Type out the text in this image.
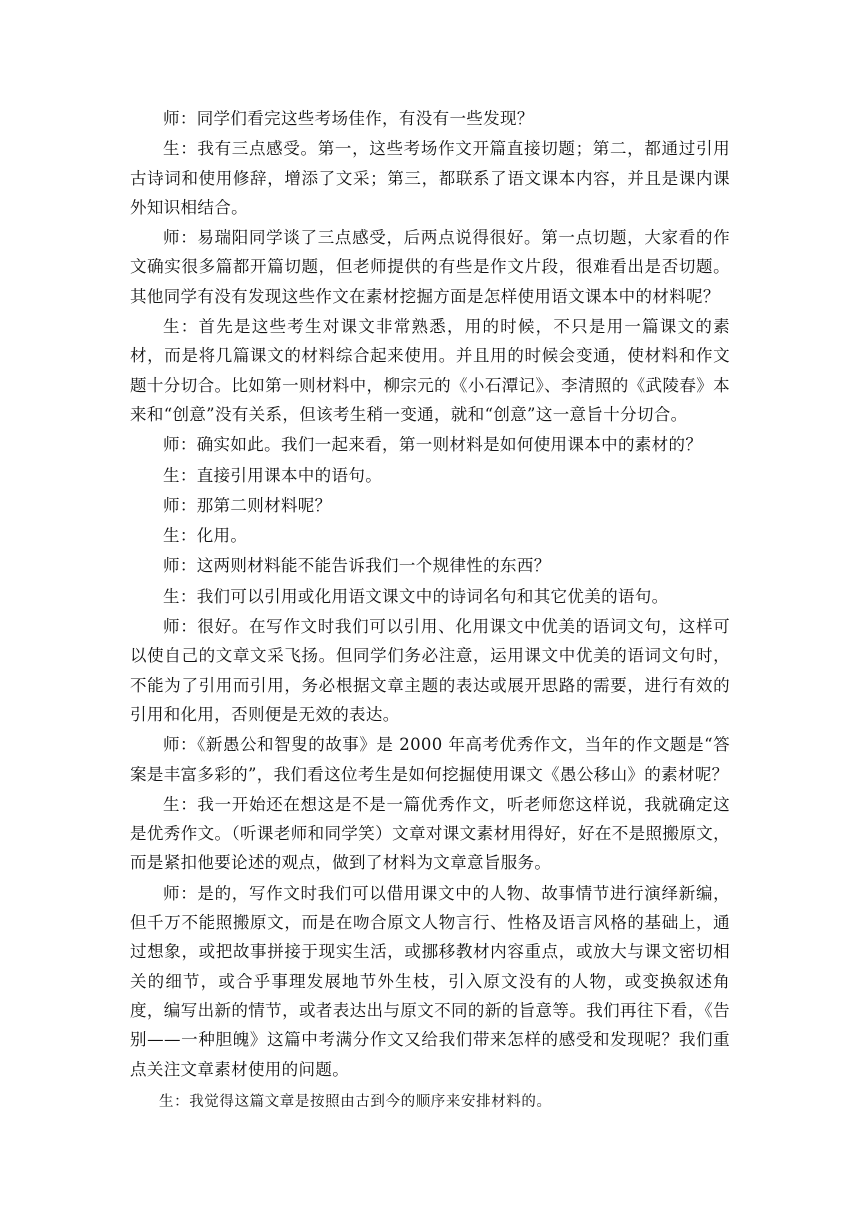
师：同学们看完这些考场佳作，有没有一些发现？

生：我有三点感受。第一，这些考场作文开篇直接切题；第二，都通过引用古诗词和使用修辞，增添了文采；第三，都联系了语文课本内容，并且是课内课外知识相结合。

师：易瑞阳同学谈了三点感受，后两点说得很好。第一点切题，大家看的作文确实很多篇都开篇切题，但老师提供的有些是作文片段，很难看出是否切题。其他同学有没有发现这些作文在素材挖掘方面是怎样使用语文课本中的材料呢？

生：首先是这些考生对课文非常熟悉，用的时候，不只是用一篇课文的素材，而是将几篇课文的材料综合起来使用。并且用的时候会变通，使材料和作文题十分切合。比如第一则材料中，柳宗元的《小石潭记》、李清照的《武陵春》本来和“创意”没有关系，但该考生稍一变通，就和“创意”这一意旨十分切合。

师：确实如此。我们一起来看，第一则材料是如何使用课本中的素材的？

生：直接引用课本中的语句。

师：那第二则材料呢？

生：化用。

师：这两则材料能不能告诉我们一个规律性的东西？

生：我们可以引用或化用语文课文中的诗词名句和其它优美的语句。

师：很好。在写作文时我们可以引用、化用课文中优美的语词文句，这样可以使自己的文章文采飞扬。但同学们务必注意，运用课文中优美的语词文句时，不能为了引用而引用，务必根据文章主题的表达或展开思路的需要，进行有效的引用和化用，否则便是无效的表达。

师：《新愚公和智叟的故事》是 2000 年高考优秀作文，当年的作文题是“答案是丰富多彩的”，我们看这位考生是如何挖掘使用课文《愚公移山》的素材呢？

生：我一开始还在想这是不是一篇优秀作文，听老师您这样说，我就确定这是优秀作文。（听课老师和同学笑）文章对课文素材用得好，好在不是照搬原文，而是紧扣他要论述的观点，做到了材料为文章意旨服务。

师：是的，写作文时我们可以借用课文中的人物、故事情节进行演绎新编，但千万不能照搬原文，而是在吻合原文人物言行、性格及语言风格的基础上，通过想象，或把故事拼接于现实生活，或挪移教材内容重点，或放大与课文密切相关的细节，或合乎事理发展地节外生枝，引入原文没有的人物，或变换叙述角度，编写出新的情节，或者表达出与原文不同的新的旨意等。我们再往下看，《告别——一种胆魄》这篇中考满分作文又给我们带来怎样的感受和发现呢？我们重点关注文章素材使用的问题。

生：我觉得这篇文章是按照由古到今的顺序来安排材料的。
